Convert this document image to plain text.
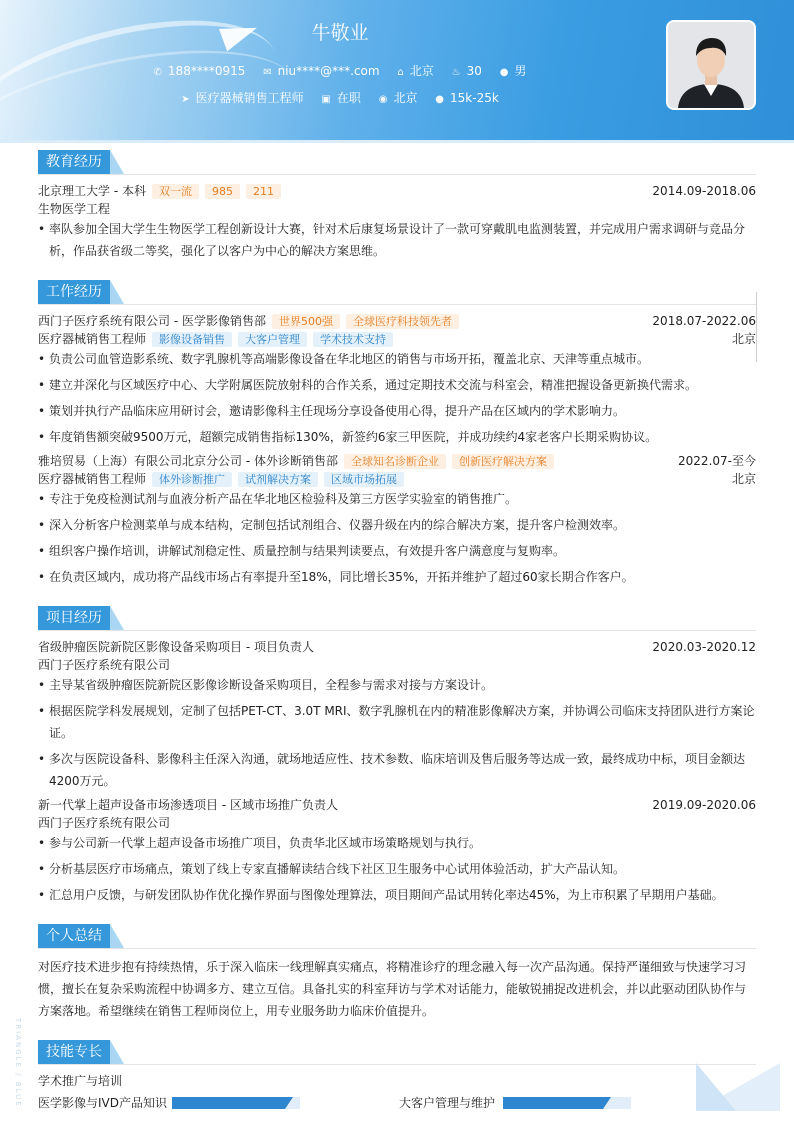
牛敬业
✆ 188****0915 ✉ niu****@***.com ⌂ 北京 ♨ 30 ● 男
➤ 医疗器械销售工程师 ▣ 在职 ◉ 北京 ● 15k-25k
教育经历
北京理工大学 - 本科 双一流 985 211	2014.09-2018.06
生物医学工程
• 率队参加全国大学生生物医学工程创新设计大赛，针对术后康复场景设计了一款可穿戴肌电监测装置，并完成用户需求调研与竞品分析，作品获省级二等奖，强化了以客户为中心的解决方案思维。
工作经历
西门子医疗系统有限公司 - 医学影像销售部 世界500强 全球医疗科技领先者	2018.07-2022.06
医疗器械销售工程师 影像设备销售 大客户管理 学术技术支持	北京
• 负责公司血管造影系统、数字乳腺机等高端影像设备在华北地区的销售与市场开拓，覆盖北京、天津等重点城市。
• 建立并深化与区域医疗中心、大学附属医院放射科的合作关系，通过定期技术交流与科室会，精准把握设备更新换代需求。
• 策划并执行产品临床应用研讨会，邀请影像科主任现场分享设备使用心得，提升产品在区域内的学术影响力。
• 年度销售额突破9500万元，超额完成销售指标130%，新签约6家三甲医院，并成功续约4家老客户长期采购协议。
雅培贸易（上海）有限公司北京分公司 - 体外诊断销售部 全球知名诊断企业 创新医疗解决方案	2022.07-至今
医疗器械销售工程师 体外诊断推广 试剂解决方案 区域市场拓展	北京
• 专注于免疫检测试剂与血液分析产品在华北地区检验科及第三方医学实验室的销售推广。
• 深入分析客户检测菜单与成本结构，定制包括试剂组合、仪器升级在内的综合解决方案，提升客户检测效率。
• 组织客户操作培训，讲解试剂稳定性、质量控制与结果判读要点，有效提升客户满意度与复购率。
• 在负责区域内，成功将产品线市场占有率提升至18%，同比增长35%，开拓并维护了超过60家长期合作客户。
项目经历
省级肿瘤医院新院区影像设备采购项目 - 项目负责人	2020.03-2020.12
西门子医疗系统有限公司
• 主导某省级肿瘤医院新院区影像诊断设备采购项目，全程参与需求对接与方案设计。
• 根据医院学科发展规划，定制了包括PET-CT、3.0T MRI、数字乳腺机在内的精准影像解决方案，并协调公司临床支持团队进行方案论证。
• 多次与医院设备科、影像科主任深入沟通，就场地适应性、技术参数、临床培训及售后服务等达成一致，最终成功中标，项目金额达4200万元。
新一代掌上超声设备市场渗透项目 - 区域市场推广负责人	2019.09-2020.06
西门子医疗系统有限公司
• 参与公司新一代掌上超声设备市场推广项目，负责华北区域市场策略规划与执行。
• 分析基层医疗市场痛点，策划了线上专家直播解读结合线下社区卫生服务中心试用体验活动，扩大产品认知。
• 汇总用户反馈，与研发团队协作优化操作界面与图像处理算法，项目期间产品试用转化率达45%，为上市积累了早期用户基础。
个人总结
对医疗技术进步抱有持续热情，乐于深入临床一线理解真实痛点，将精准诊疗的理念融入每一次产品沟通。保持严谨细致与快速学习习惯，擅长在复杂采购流程中协调多方、建立互信。具备扎实的科室拜访与学术对话能力，能敏锐捕捉改进机会，并以此驱动团队协作与方案落地。希望继续在销售工程师岗位上，用专业服务助力临床价值提升。
技能专长
学术推广与培训
医学影像与IVD产品知识	大客户管理与维护
TRIANGLE / BLUE
